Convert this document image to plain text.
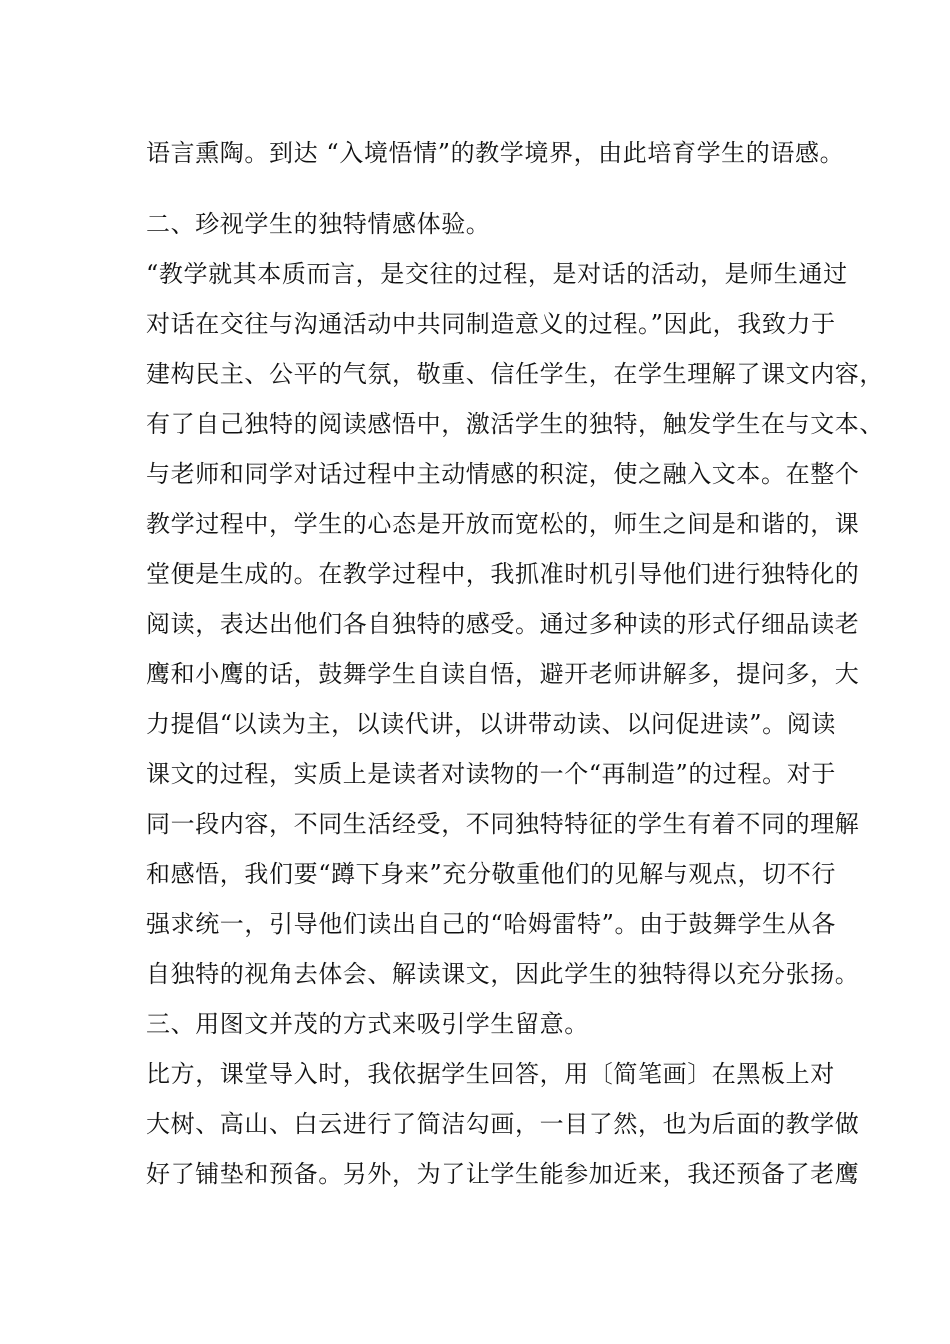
语言熏陶。到达 “入境悟情”的教学境界，由此培育学生的语感。
二、珍视学生的独特情感体验。
“教学就其本质而言，是交往的过程，是对话的活动，是师生通过
对话在交往与沟通活动中共同制造意义的过程。”因此，我致力于
建构民主、公平的气氛，敬重、信任学生，在学生理解了课文内容，
有了自己独特的阅读感悟中，激活学生的独特，触发学生在与文本、
与老师和同学对话过程中主动情感的积淀，使之融入文本。在整个
教学过程中，学生的心态是开放而宽松的，师生之间是和谐的，课
堂便是生成的。在教学过程中，我抓准时机引导他们进行独特化的
阅读，表达出他们各自独特的感受。通过多种读的形式仔细品读老
鹰和小鹰的话，鼓舞学生自读自悟，避开老师讲解多，提问多，大
力提倡“以读为主，以读代讲，以讲带动读、以问促进读”。阅读
课文的过程，实质上是读者对读物的一个“再制造”的过程。对于
同一段内容，不同生活经受，不同独特特征的学生有着不同的理解
和感悟，我们要“蹲下身来”充分敬重他们的见解与观点，切不行
强求统一，引导他们读出自己的“哈姆雷特”。由于鼓舞学生从各
自独特的视角去体会、解读课文，因此学生的独特得以充分张扬。
三、用图文并茂的方式来吸引学生留意。
比方，课堂导入时，我依据学生回答，用〔简笔画〕在黑板上对
大树、高山、白云进行了简洁勾画，一目了然，也为后面的教学做
好了铺垫和预备。另外，为了让学生能参加近来，我还预备了老鹰
